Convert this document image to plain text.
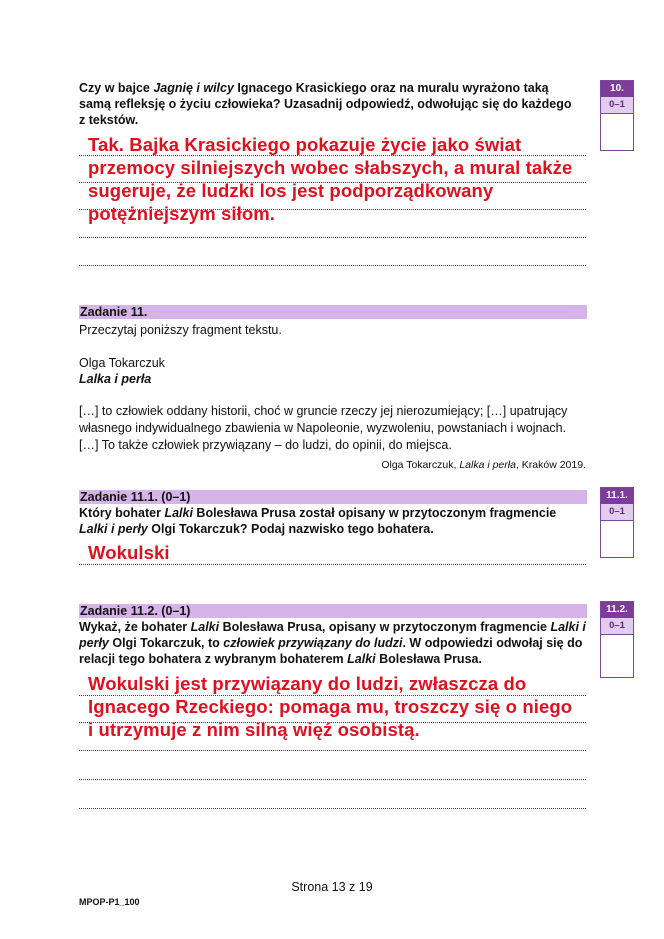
Czy w bajce Jagnię i wilcy Ignacego Krasickiego oraz na muralu wyrażono taką samą refleksję o życiu człowieka? Uzasadnij odpowiedź, odwołując się do każdego z tekstów.
10.
0–1
Tak. Bajka Krasickiego pokazuje życie jako świat przemocy silniejszych wobec słabszych, a mural także sugeruje, że ludzki los jest podporządkowany potężniejszym siłom.
Zadanie 11.
Przeczytaj poniższy fragment tekstu.
Olga Tokarczuk
Lalka i perła
[…] to człowiek oddany historii, choć w gruncie rzeczy jej nierozumiejący; […] upatrujący własnego indywidualnego zbawienia w Napoleonie, wyzwoleniu, powstaniach i wojnach. […] To także człowiek przywiązany – do ludzi, do opinii, do miejsca.
Olga Tokarczuk, Lalka i perła, Kraków 2019.
Zadanie 11.1. (0–1)
Który bohater Lalki Bolesława Prusa został opisany w przytoczonym fragmencie Lalki i perły Olgi Tokarczuk? Podaj nazwisko tego bohatera.
11.1.
0–1
Wokulski
Zadanie 11.2. (0–1)
Wykaż, że bohater Lalki Bolesława Prusa, opisany w przytoczonym fragmencie Lalki i perły Olgi Tokarczuk, to człowiek przywiązany do ludzi. W odpowiedzi odwołaj się do relacji tego bohatera z wybranym bohaterem Lalki Bolesława Prusa.
11.2.
0–1
Wokulski jest przywiązany do ludzi, zwłaszcza do Ignacego Rzeckiego: pomaga mu, troszczy się o niego i utrzymuje z nim silną więź osobistą.
Strona 13 z 19
MPOP-P1_100
